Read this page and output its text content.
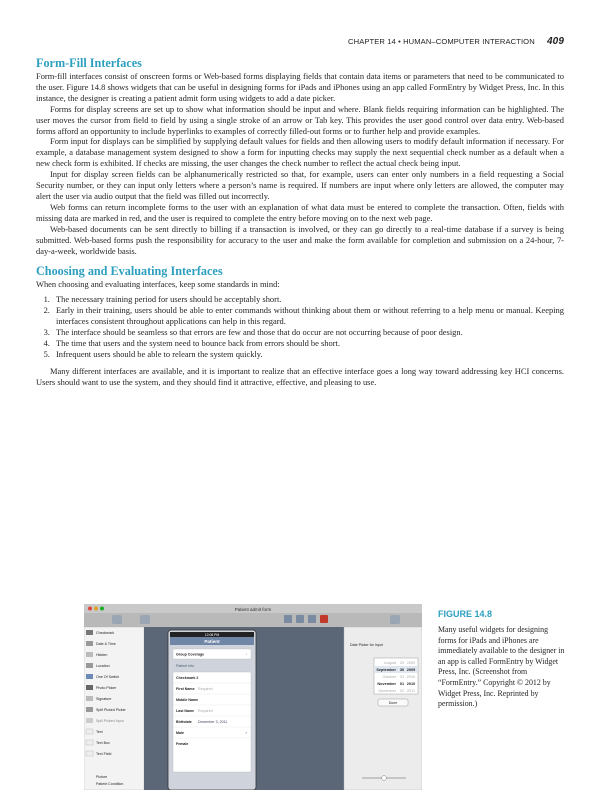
CHAPTER 14 • HUMAN–COMPUTER INTERACTION 409
Form-Fill Interfaces

Form-fill interfaces consist of onscreen forms or Web-based forms displaying fields that contain data items or parameters that need to be communicated to the user. Figure 14.8 shows widgets that can be useful in designing forms for iPads and iPhones using an app called FormEntry by Widget Press, Inc. In this instance, the designer is creating a patient admit form using widgets to add a date picker.

Forms for display screens are set up to show what information should be input and where. Blank fields requiring information can be highlighted. The user moves the cursor from field to field by using a single stroke of an arrow or Tab key. This provides the user good control over data entry. Web-based forms afford an opportunity to include hyperlinks to examples of correctly filled-out forms or to further help and provide examples.

Form input for displays can be simplified by supplying default values for fields and then allowing users to modify default information if necessary. For example, a database management system designed to show a form for inputting checks may supply the next sequential check number as a default when a new check form is exhibited. If checks are missing, the user changes the check number to reflect the actual check being input.

Input for display screen fields can be alphanumerically restricted so that, for example, users can enter only numbers in a field requesting a Social Security number, or they can input only letters where a person’s name is required. If numbers are input where only letters are allowed, the computer may alert the user via audio output that the field was filled out incorrectly.

Web forms can return incomplete forms to the user with an explanation of what data must be entered to complete the transaction. Often, fields with missing data are marked in red, and the user is required to complete the entry before moving on to the next web page.

Web-based documents can be sent directly to billing if a transaction is involved, or they can go directly to a real-time database if a survey is being submitted. Web-based forms push the responsibility for accuracy to the user and make the form available for completion and submission on a 24-hour, 7-day-a-week, worldwide basis.

Choosing and Evaluating Interfaces

When choosing and evaluating interfaces, keep some standards in mind:

1. The necessary training period for users should be acceptably short.
2. Early in their training, users should be able to enter commands without thinking about them or without referring to a help menu or manual. Keeping interfaces consistent throughout applications can help in this regard.
3. The interface should be seamless so that errors are few and those that do occur are not occurring because of poor design.
4. The time that users and the system need to bounce back from errors should be short.
5. Infrequent users should be able to relearn the system quickly.

Many different interfaces are available, and it is important to realize that an effective interface goes a long way toward addressing key HCI concerns. Users should want to use the system, and they should find it attractive, effective, and pleasing to use.

Patient admit form
Checkmark
Date & Time
Hidden
Location
One Of Switch
Photo Picker
Signature
Split Picked Picker
Spill Picked Input
Text
Text Box
Text Field
Picture
Patient Condition
12:08 PM
Patient
Group Coverage	›
Patient Info
Checkmark 2
First Name Required
Middle Name
Last Name Required
Birthdate December 3, 2011
Male	✓
Female
Date Picker for Input
August 29 2009
September 30 2009
October 31 2010
November 01 2010
December 02 2011
Done
FIGURE 14.8
Many useful widgets for designing forms for iPads and iPhones are immediately available to the designer in an app is called FormEntry by Widget Press, Inc. (Screenshot from “FormEntry.” Copyright © 2012 by Widget Press, Inc. Reprinted by permission.)
